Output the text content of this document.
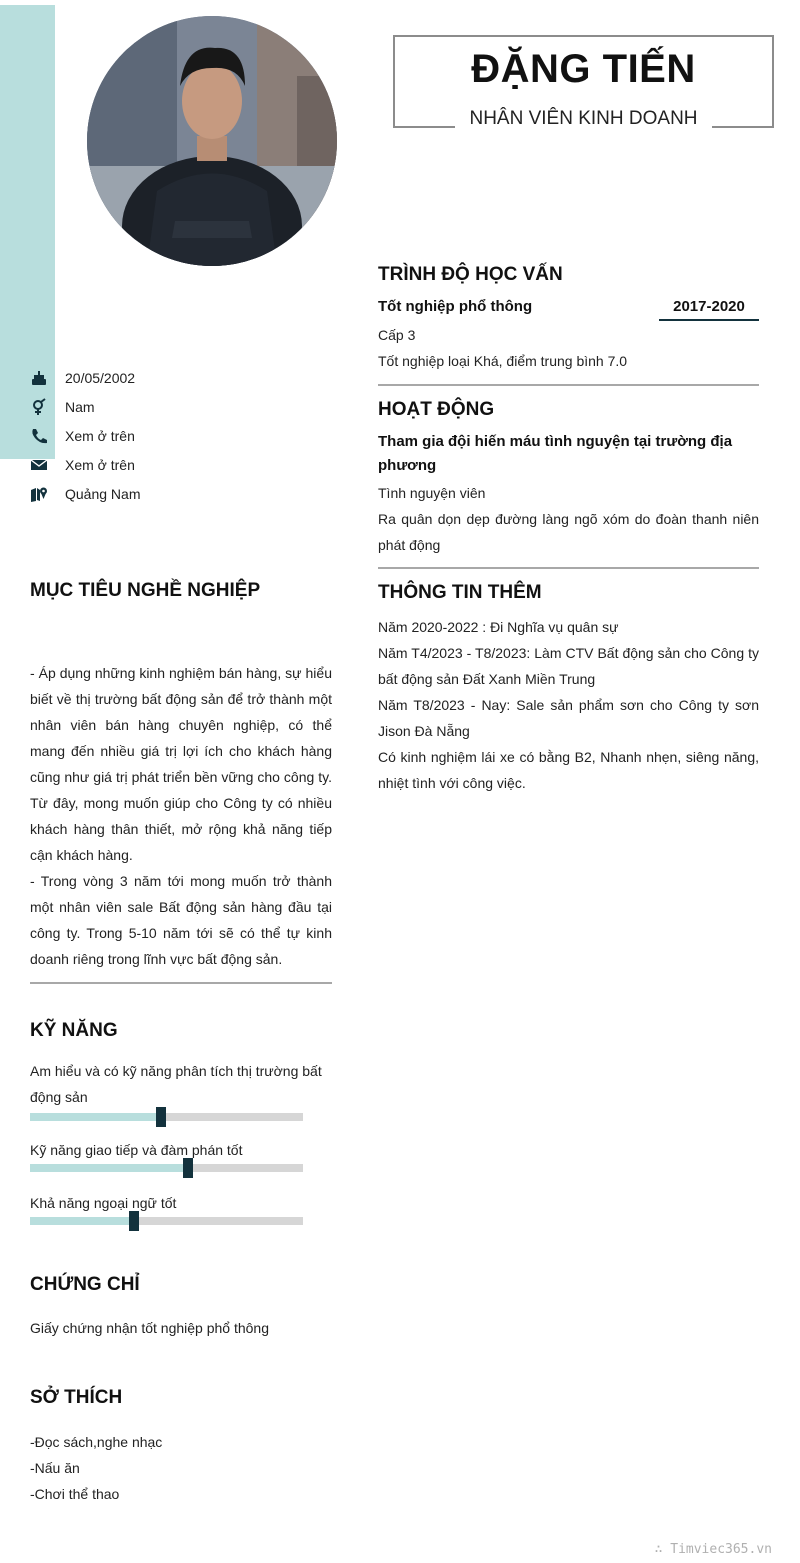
ĐẶNG TIẾN
NHÂN VIÊN KINH DOANH
20/05/2002
Nam
Xem ở trên
Xem ở trên
Quảng Nam
MỤC TIÊU NGHỀ NGHIỆP

- Áp dụng những kinh nghiệm bán hàng, sự hiểu biết về thị trường bất động sản để trở thành một nhân viên bán hàng chuyên nghiệp, có thể mang đến nhiều giá trị lợi ích cho khách hàng cũng như giá trị phát triển bền vững cho công ty. Từ đây, mong muốn giúp cho Công ty có nhiều khách hàng thân thiết, mở rộng khả năng tiếp cận khách hàng.

- Trong vòng 3 năm tới mong muốn trở thành một nhân viên sale Bất động sản hàng đầu tại công ty. Trong 5-10 năm tới sẽ có thể tự kinh doanh riêng trong lĩnh vực bất động sản.

KỸ NĂNG
Am hiểu và có kỹ năng phân tích thị trường bất động sản
Kỹ năng giao tiếp và đàm phán tốt
Khả năng ngoại ngữ tốt
CHỨNG CHỈ
Giấy chứng nhận tốt nghiệp phổ thông
SỞ THÍCH
-Đọc sách,nghe nhạc
-Nấu ăn
-Chơi thể thao
TRÌNH ĐỘ HỌC VẤN
Tốt nghiệp phổ thông	2017-2020
Cấp 3
Tốt nghiệp loại Khá, điểm trung bình 7.0
HOẠT ĐỘNG
Tham gia đội hiến máu tình nguyện tại trường địa phương
Tình nguyện viên
Ra quân dọn dẹp đường làng ngõ xóm do đoàn thanh niên phát động
THÔNG TIN THÊM
Năm 2020-2022 : Đi Nghĩa vụ quân sự
Năm T4/2023 - T8/2023: Làm CTV Bất động sản cho Công ty bất động sản Đất Xanh Miền Trung
Năm T8/2023 - Nay: Sale sản phẩm sơn cho Công ty sơn Jison Đà Nẵng
Có kinh nghiệm lái xe có bằng B2, Nhanh nhẹn, siêng năng, nhiệt tình với công việc.
∴ Timviec365.vn
